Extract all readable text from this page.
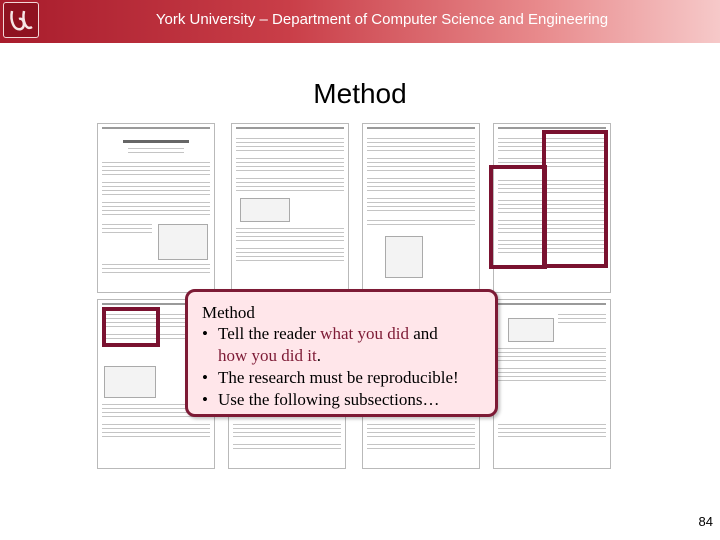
York University – Department of Computer Science and Engineering
Method
Method
• Tell the reader what you did and
how you did it.
• The research must be reproducible!
• Use the following subsections…
84
